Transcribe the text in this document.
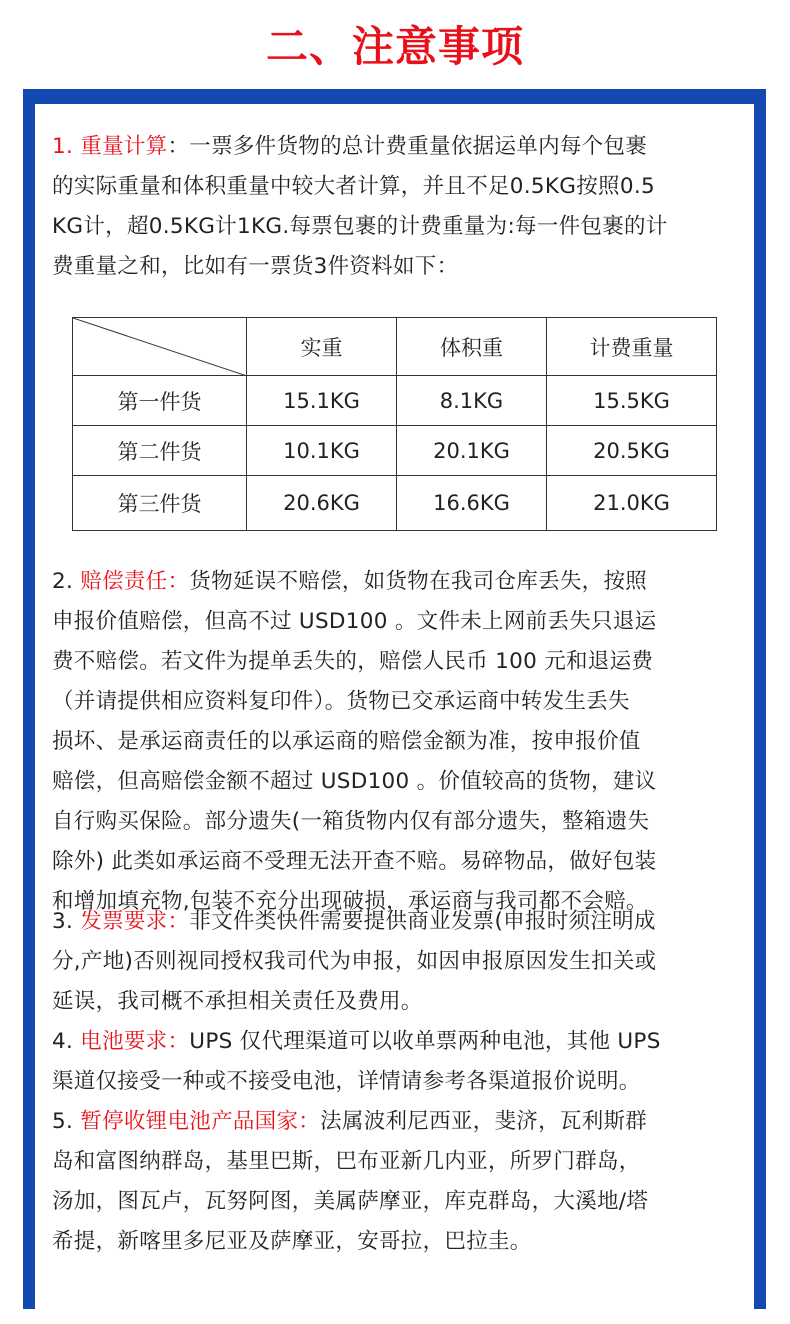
二、注意事项
	实重	体积重	计费重量
第一件货	15.1KG	8.1KG	15.5KG
第二件货	10.1KG	20.1KG	20.5KG
第三件货	20.6KG	16.6KG	21.0KG
1. 重量计算：一票多件货物的总计费重量依据运单内每个包裹
的实际重量和体积重量中较大者计算，并且不足0.5KG按照0.5
KG计，超0.5KG计1KG.每票包裹的计费重量为:每一件包裹的计
费重量之和，比如有一票货3件资料如下：
2. 赔偿责任：货物延误不赔偿，如货物在我司仓库丢失，按照
申报价值赔偿，但高不过 USD100 。文件未上网前丢失只退运
费不赔偿。若文件为提单丢失的，赔偿人民币 100 元和退运费
（并请提供相应资料复印件）。货物已交承运商中转发生丢失
损坏、是承运商责任的以承运商的赔偿金额为准，按申报价值
赔偿，但高赔偿金额不超过 USD100 。价值较高的货物，建议
自行购买保险。部分遗失(一箱货物内仅有部分遗失，整箱遗失
除外) 此类如承运商不受理无法开查不赔。易碎物品，做好包装
和增加填充物,包装不充分出现破损，承运商与我司都不会赔。
3. 发票要求：非文件类快件需要提供商业发票(申报时须注明成
分,产地)否则视同授权我司代为申报，如因申报原因发生扣关或
延误，我司概不承担相关责任及费用。
4. 电池要求：UPS 仅代理渠道可以收单票两种电池，其他 UPS
渠道仅接受一种或不接受电池，详情请参考各渠道报价说明。
5. 暂停收锂电池产品国家：法属波利尼西亚，斐济，瓦利斯群
岛和富图纳群岛，基里巴斯，巴布亚新几内亚，所罗门群岛，
汤加，图瓦卢，瓦努阿图，美属萨摩亚，库克群岛，大溪地/塔
希提，新喀里多尼亚及萨摩亚，安哥拉，巴拉圭。
